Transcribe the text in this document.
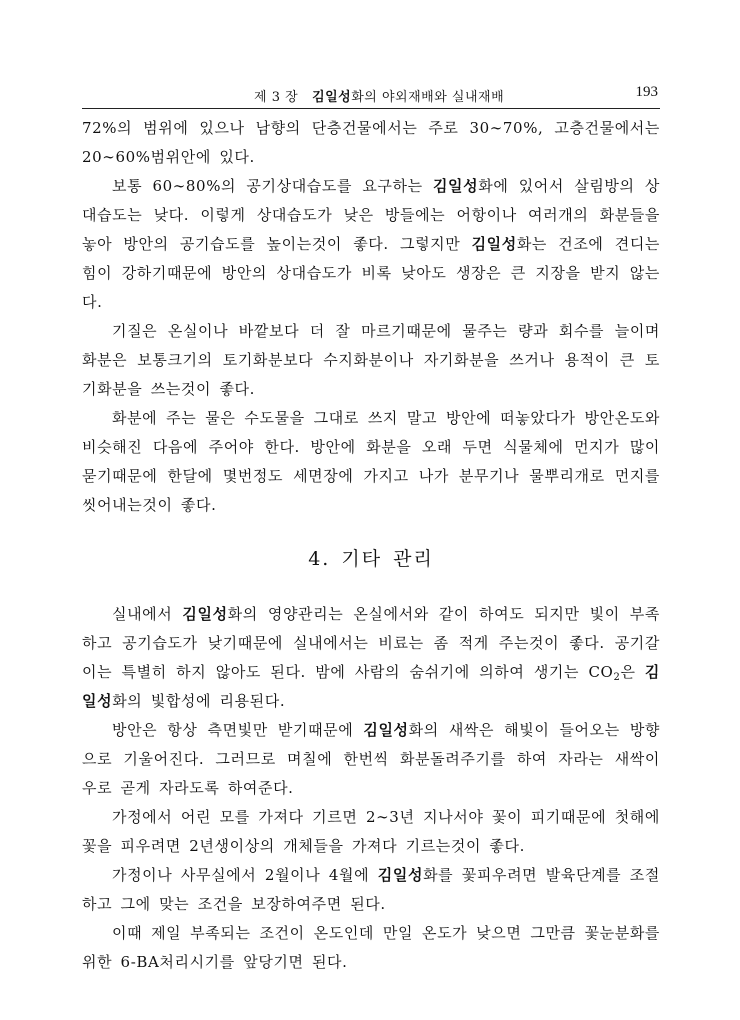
제 3 장 김일성화의 야외재배와 실내재배	193

72%의 범위에 있으나 남향의 단층건물에서는 주로 30∼70%, 고층건물에서는 20∼60%범위안에 있다.

보통 60∼80%의 공기상대습도를 요구하는 김일성화에 있어서 살림방의 상대습도는 낮다. 이렇게 상대습도가 낮은 방들에는 어항이나 여러개의 화분들을 놓아 방안의 공기습도를 높이는것이 좋다. 그렇지만 김일성화는 건조에 견디는 힘이 강하기때문에 방안의 상대습도가 비록 낮아도 생장은 큰 지장을 받지 않는다.

기질은 온실이나 바깥보다 더 잘 마르기때문에 물주는 량과 회수를 늘이며 화분은 보통크기의 토기화분보다 수지화분이나 자기화분을 쓰거나 용적이 큰 토기화분을 쓰는것이 좋다.

화분에 주는 물은 수도물을 그대로 쓰지 말고 방안에 떠놓았다가 방안온도와 비슷해진 다음에 주어야 한다. 방안에 화분을 오래 두면 식물체에 먼지가 많이 묻기때문에 한달에 몇번정도 세면장에 가지고 나가 분무기나 물뿌리개로 먼지를 씻어내는것이 좋다.

4. 기타 관리

실내에서 김일성화의 영양관리는 온실에서와 같이 하여도 되지만 빛이 부족하고 공기습도가 낮기때문에 실내에서는 비료는 좀 적게 주는것이 좋다. 공기갈이는 특별히 하지 않아도 된다. 밤에 사람의 숨쉬기에 의하여 생기는 $CO_2$은 김일성화의 빛합성에 리용된다.

방안은 항상 측면빛만 받기때문에 김일성화의 새싹은 해빛이 들어오는 방향으로 기울어진다. 그러므로 며칠에 한번씩 화분돌려주기를 하여 자라는 새싹이 우로 곧게 자라도록 하여준다.

가정에서 어린 모를 가져다 기르면 2∼3년 지나서야 꽃이 피기때문에 첫해에 꽃을 피우려면 2년생이상의 개체들을 가져다 기르는것이 좋다.

가정이나 사무실에서 2월이나 4월에 김일성화를 꽃피우려면 발육단계를 조절하고 그에 맞는 조건을 보장하여주면 된다.

이때 제일 부족되는 조건이 온도인데 만일 온도가 낮으면 그만큼 꽃눈분화를 위한 6-BA처리시기를 앞당기면 된다.
